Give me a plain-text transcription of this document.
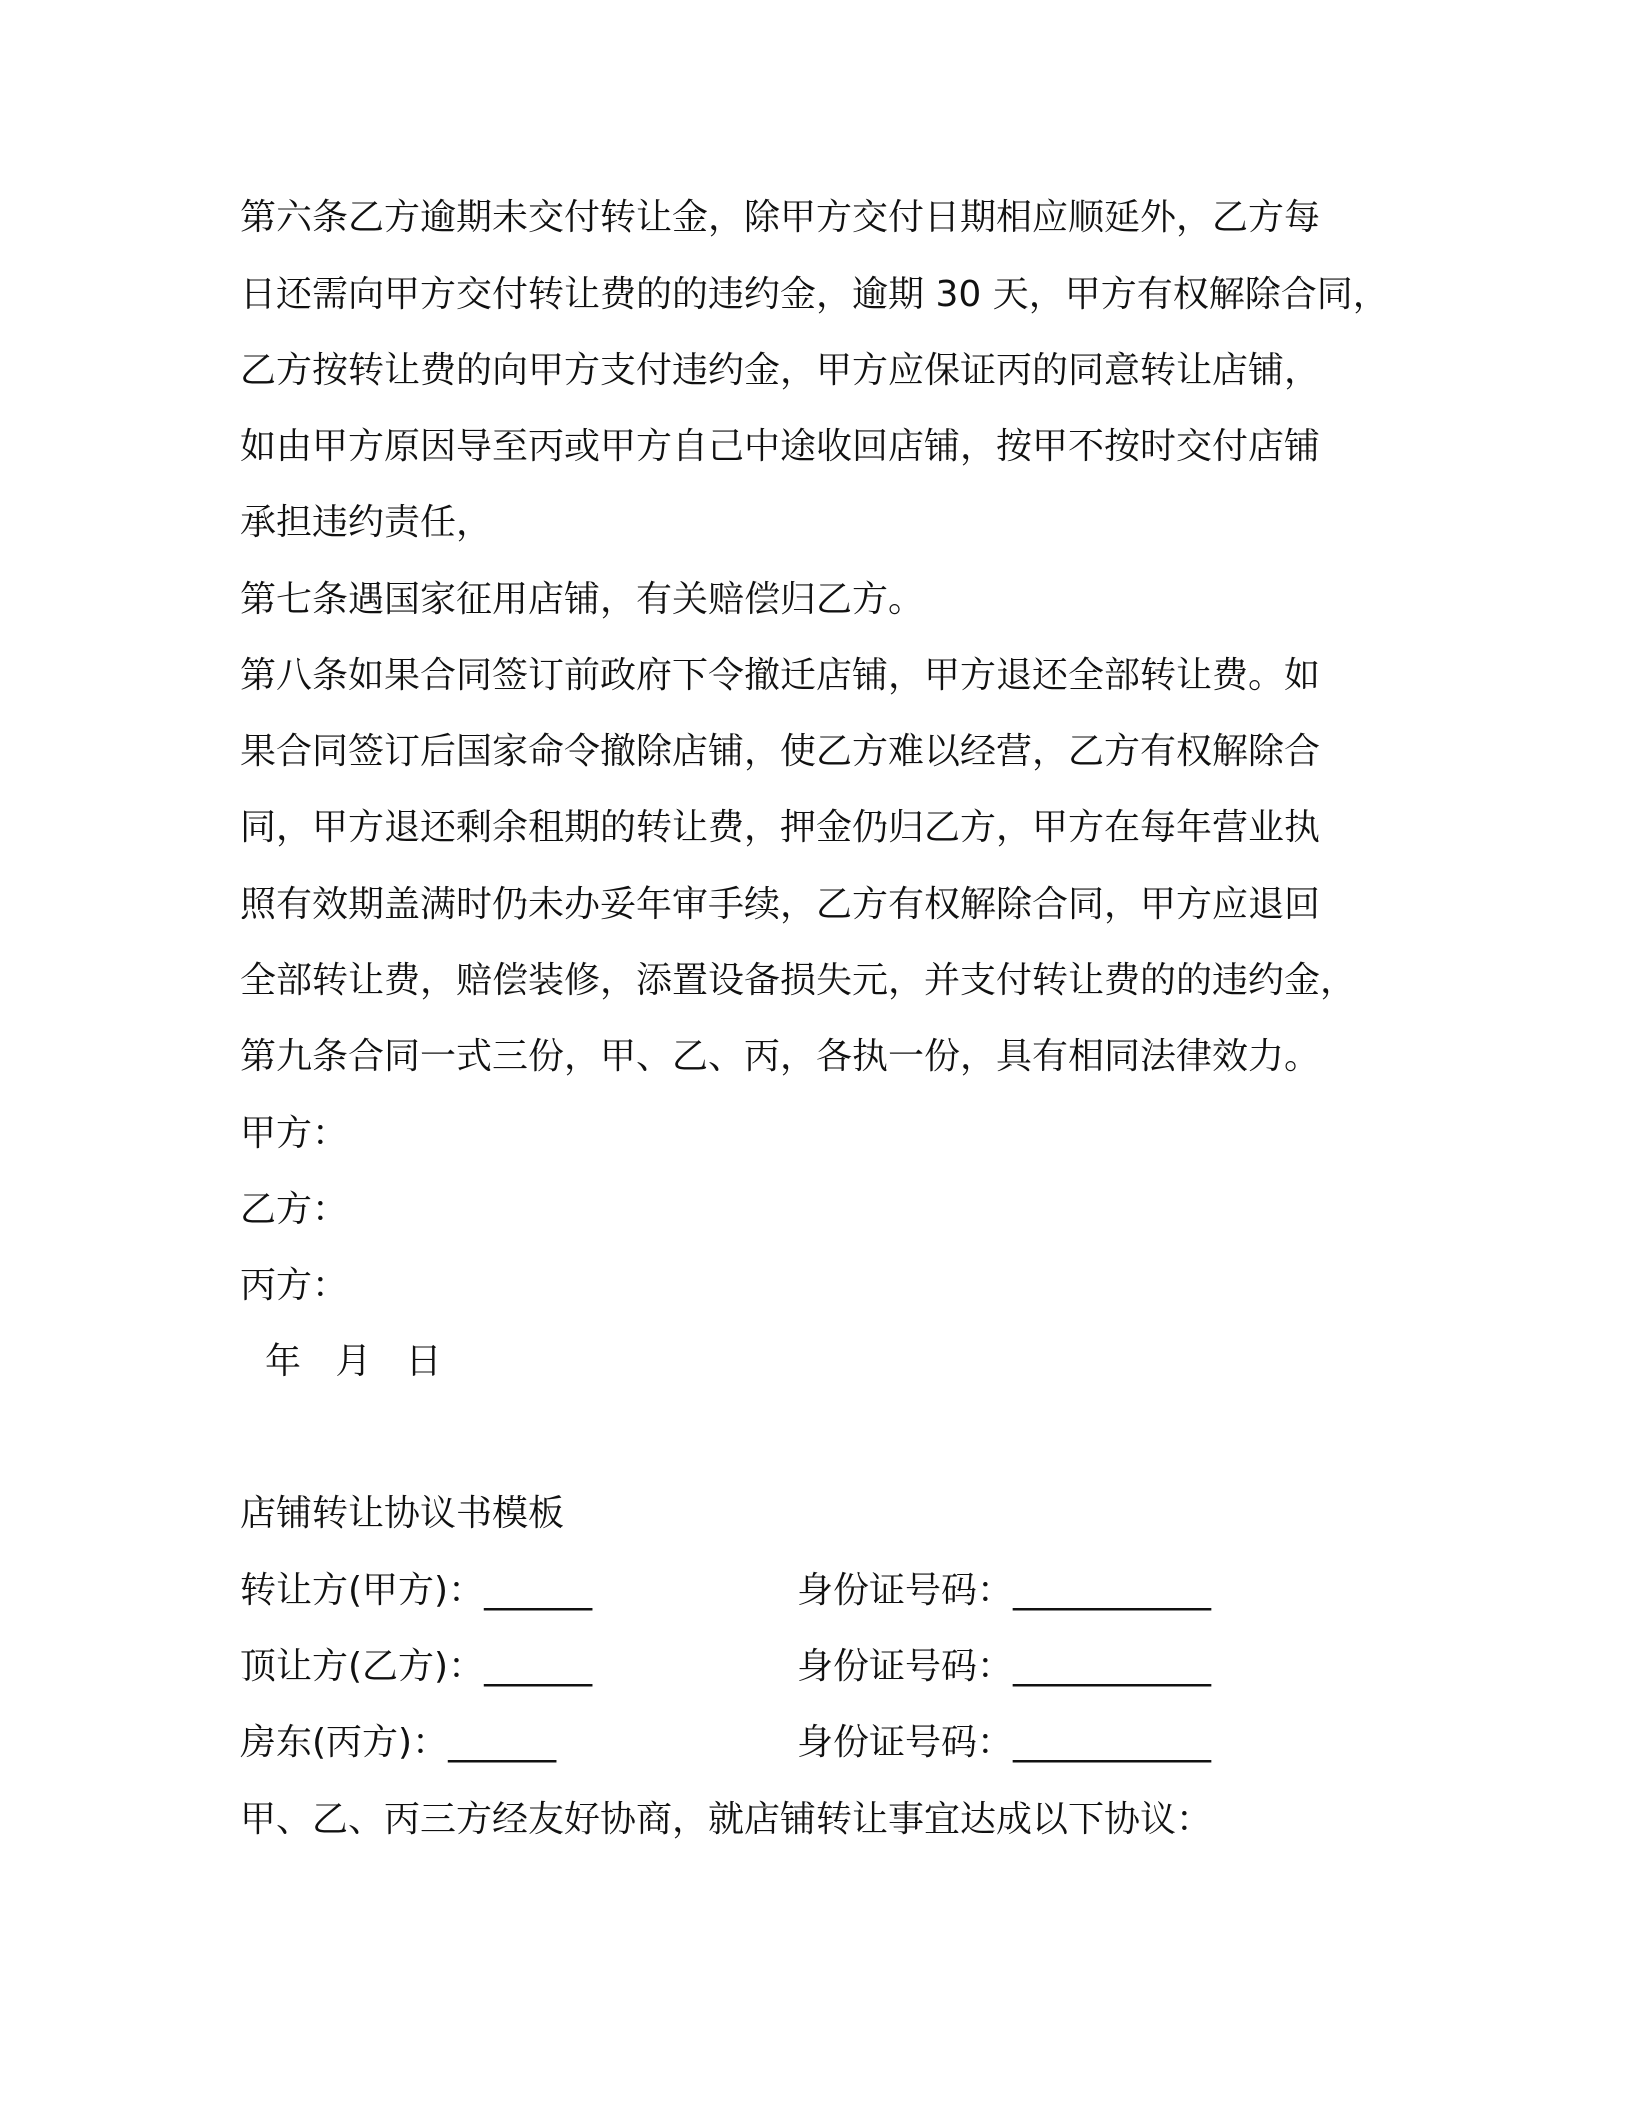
第六条乙方逾期未交付转让金，除甲方交付日期相应顺延外，乙方每

日还需向甲方交付转让费的的违约金，逾期 30 天，甲方有权解除合同，

乙方按转让费的向甲方支付违约金，甲方应保证丙的同意转让店铺，

如由甲方原因导至丙或甲方自己中途收回店铺，按甲不按时交付店铺

承担违约责任，

第七条遇国家征用店铺，有关赔偿归乙方。

第八条如果合同签订前政府下令撤迁店铺，甲方退还全部转让费。如

果合同签订后国家命令撤除店铺，使乙方难以经营，乙方有权解除合

同，甲方退还剩余租期的转让费，押金仍归乙方，甲方在每年营业执

照有效期盖满时仍未办妥年审手续，乙方有权解除合同，甲方应退回

全部转让费，赔偿装修，添置设备损失元，并支付转让费的的违约金，

第九条合同一式三份，甲、乙、丙，各执一份，具有相同法律效力。

甲方：

乙方：

丙方：

年   月   日

店铺转让协议书模板

转让方(甲方)：______	身份证号码：___________

顶让方(乙方)：______	身份证号码：___________

房东(丙方)：______	身份证号码：___________

甲、乙、丙三方经友好协商，就店铺转让事宜达成以下协议：
